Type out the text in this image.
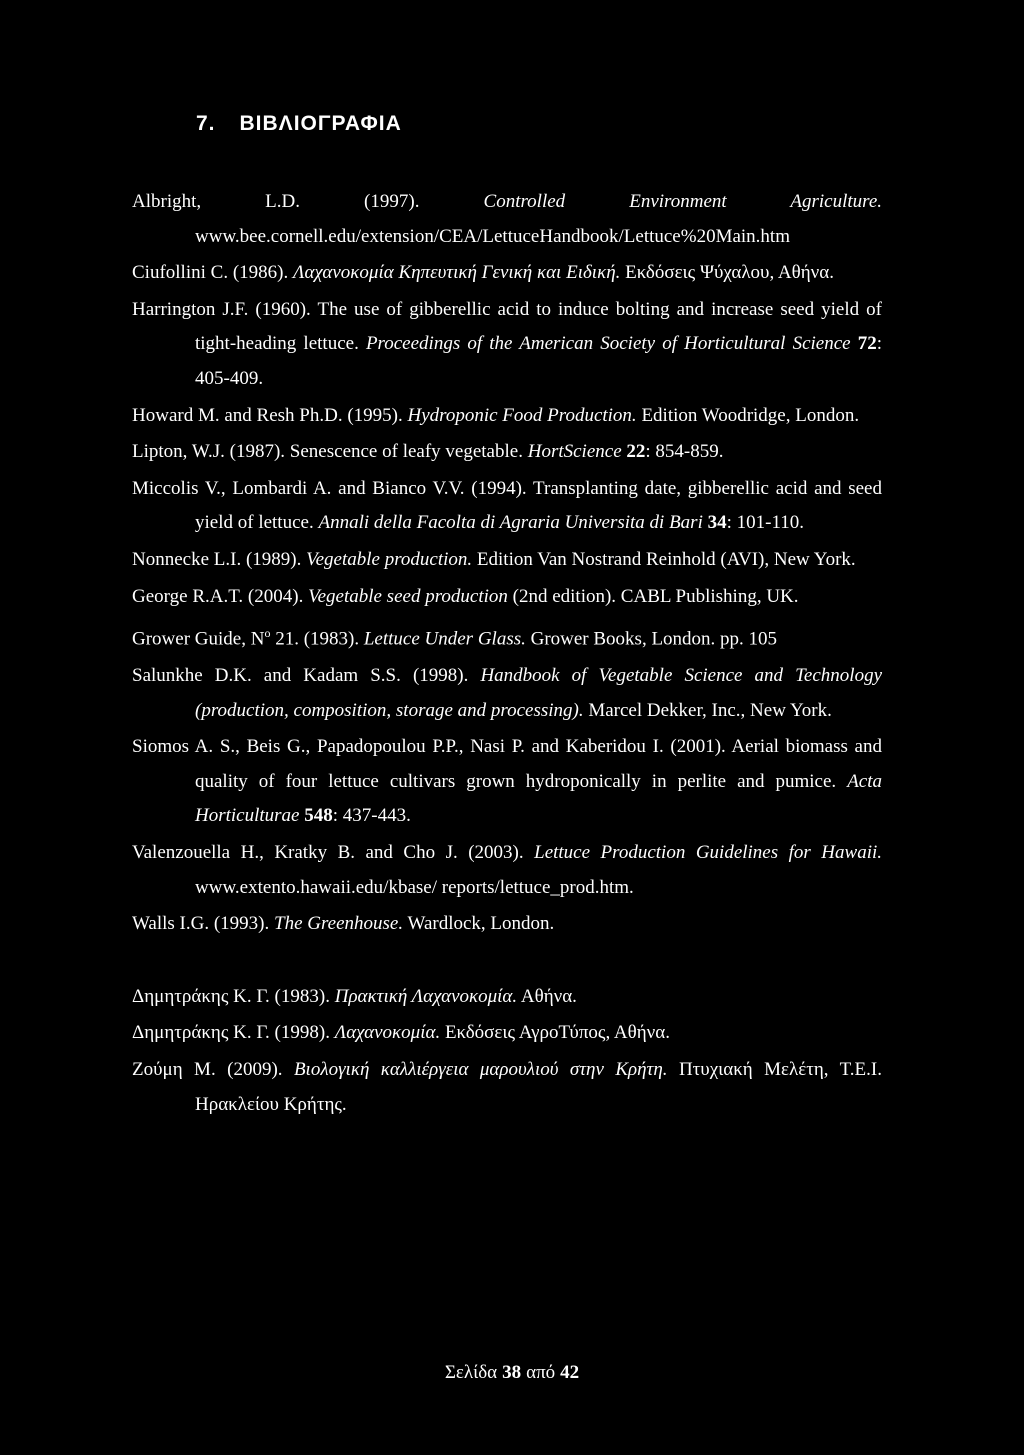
7. ΒΙΒΛΙΟΓΡΑΦΙΑ

Albright, L.D. (1997).	Controlled Environment Agriculture.
www.bee.cornell.edu/extension/CEA/LettuceHandbook/Lettuce%20Main.htm

Ciufollini C. (1986). Λαχανοκομία Κηπευτική Γενική και Ειδική. Εκδόσεις Ψύχαλου, Αθήνα.

Harrington J.F. (1960). The use of gibberellic acid to induce bolting and increase seed yield of tight-heading lettuce. Proceedings of the American Society of Horticultural Science 72: 405-409.

Howard M. and Resh Ph.D. (1995). Hydroponic Food Production. Edition Woodridge, London.

Lipton, W.J. (1987). Senescence of leafy vegetable. HortScience 22: 854-859.

Miccolis V., Lombardi A. and Bianco V.V. (1994). Transplanting date, gibberellic acid and seed yield of lettuce. Annali della Facolta di Agraria Universita di Bari 34: 101-110.

Nonnecke L.I. (1989). Vegetable production. Edition Van Nostrand Reinhold (AVI), New York.

George R.A.T. (2004). Vegetable seed production (2nd edition). CABL Publishing, UK.

Grower Guide, $N^o$ 21. (1983). Lettuce Under Glass. Grower Books, London. pp. 105

Salunkhe D.K. and Kadam S.S. (1998). Handbook of Vegetable Science and Technology (production, composition, storage and processing). Marcel Dekker, Inc., New York.

Siomos A. S., Beis G., Papadopoulou P.P., Nasi P. and Kaberidou I. (2001). Aerial biomass and quality of four lettuce cultivars grown hydroponically in perlite and pumice. Acta Horticulturae 548: 437-443.

Valenzouella H., Kratky B. and Cho J. (2003). Lettuce Production Guidelines for Hawaii. www.extento.hawaii.edu/kbase/ reports/lettuce_prod.htm.

Walls I.G. (1993). The Greenhouse. Wardlock, London.

Δημητράκης Κ. Γ. (1983). Πρακτική Λαχανοκομία. Αθήνα.

Δημητράκης Κ. Γ. (1998). Λαχανοκομία. Εκδόσεις ΑγροΤύπος, Αθήνα.

Ζούμη Μ. (2009). Βιολογική καλλιέργεια μαρουλιού στην Κρήτη. Πτυχιακή Μελέτη, Τ.Ε.Ι. Ηρακλείου Κρήτης.

Σελίδα 38 από 42
